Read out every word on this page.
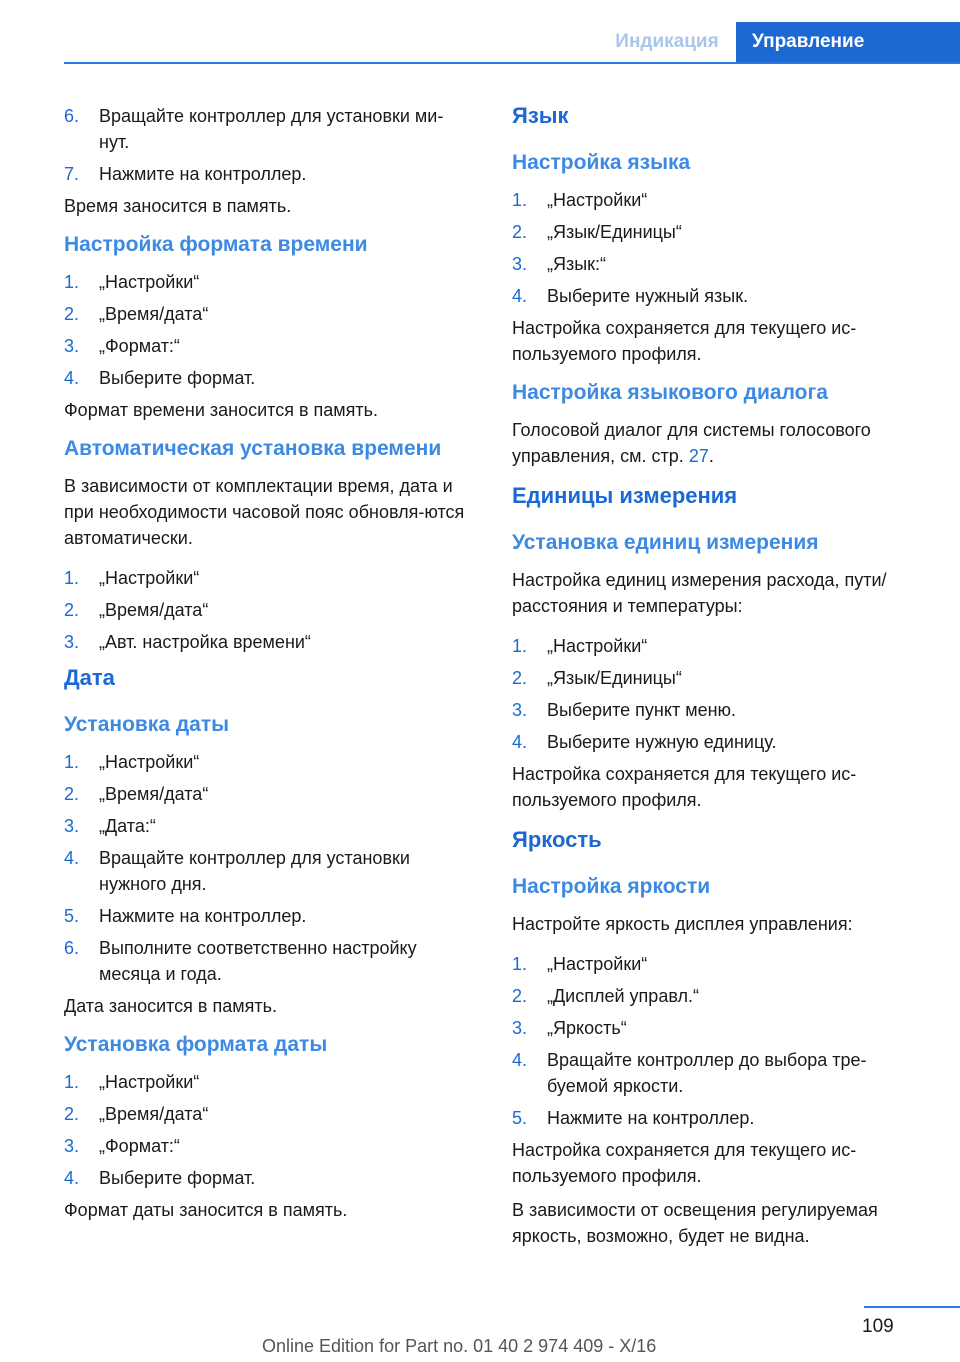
Индикация	Управление
6.	Вращайте контроллер для установки ми-нут.
7.	Нажмите на контроллер.

Время заносится в память.

Настройка формата времени
1.	„Настройки“
2.	„Время/дата“
3.	„Формат:“
4.	Выберите формат.

Формат времени заносится в память.

Автоматическая установка времени

В зависимости от комплектации время, дата и при необходимости часовой пояс обновля-ются автоматически.

1.	„Настройки“
2.	„Время/дата“
3.	„Авт. настройка времени“
Дата
Установка даты
1.	„Настройки“
2.	„Время/дата“
3.	„Дата:“
4.	Вращайте контроллер для установки нужного дня.
5.	Нажмите на контроллер.
6.	Выполните соответственно настройку месяца и года.

Дата заносится в память.

Установка формата даты
1.	„Настройки“
2.	„Время/дата“
3.	„Формат:“
4.	Выберите формат.

Формат даты заносится в память.

Язык
Настройка языка
1.	„Настройки“
2.	„Язык/Единицы“
3.	„Язык:“
4.	Выберите нужный язык.

Настройка сохраняется для текущего ис-пользуемого профиля.

Настройка языкового диалога

Голосовой диалог для системы голосового управления, см. стр. 27.

Единицы измерения
Установка единиц измерения

Настройка единиц измерения расхода, пути/расстояния и температуры:

1.	„Настройки“
2.	„Язык/Единицы“
3.	Выберите пункт меню.
4.	Выберите нужную единицу.

Настройка сохраняется для текущего ис-пользуемого профиля.

Яркость
Настройка яркости

Настройте яркость дисплея управления:

1.	„Настройки“
2.	„Дисплей управл.“
3.	„Яркость“
4.	Вращайте контроллер до выбора тре-буемой яркости.
5.	Нажмите на контроллер.

Настройка сохраняется для текущего ис-пользуемого профиля.

В зависимости от освещения регулируемая яркость, возможно, будет не видна.

109
Online Edition for Part no. 01 40 2 974 409 - X/16
